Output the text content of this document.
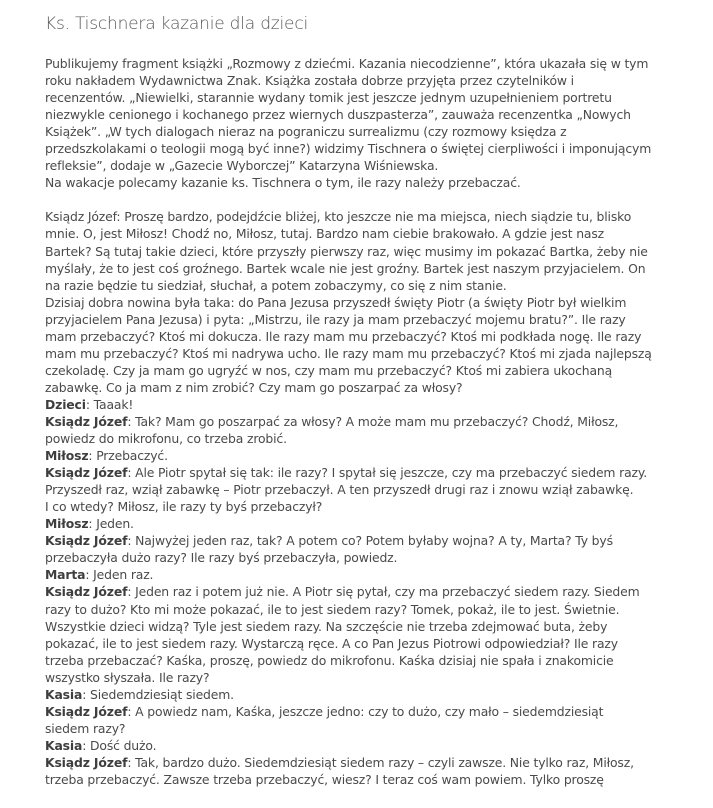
Ks. Tischnera kazanie dla dzieci
Publikujemy fragment książki „Rozmowy z dziećmi. Kazania niecodzienne”, która ukazała się w tym
roku nakładem Wydawnictwa Znak. Książka została dobrze przyjęta przez czytelników i
recenzentów. „Niewielki, starannie wydany tomik jest jeszcze jednym uzupełnieniem portretu
niezwykle cenionego i kochanego przez wiernych duszpasterza”, zauważa recenzentka „Nowych
Książek”. „W tych dialogach nieraz na pograniczu surrealizmu (czy rozmowy księdza z
przedszkolakami o teologii mogą być inne?) widzimy Tischnera o świętej cierpliwości i imponującym
refleksie”, dodaje w „Gazecie Wyborczej” Katarzyna Wiśniewska.
Na wakacje polecamy kazanie ks. Tischnera o tym, ile razy należy przebaczać.
Ksiądz Józef: Proszę bardzo, podejdźcie bliżej, kto jeszcze nie ma miejsca, niech siądzie tu, blisko
mnie. O, jest Miłosz! Chodź no, Miłosz, tutaj. Bardzo nam ciebie brakowało. A gdzie jest nasz
Bartek? Są tutaj takie dzieci, które przyszły pierwszy raz, więc musimy im pokazać Bartka, żeby nie
myślały, że to jest coś groźnego. Bartek wcale nie jest groźny. Bartek jest naszym przyjacielem. On
na razie będzie tu siedział, słuchał, a potem zobaczymy, co się z nim stanie.
Dzisiaj dobra nowina była taka: do Pana Jezusa przyszedł święty Piotr (a święty Piotr był wielkim
przyjacielem Pana Jezusa) i pyta: „Mistrzu, ile razy ja mam przebaczyć mojemu bratu?”. Ile razy
mam przebaczyć? Ktoś mi dokucza. Ile razy mam mu przebaczyć? Ktoś mi podkłada nogę. Ile razy
mam mu przebaczyć? Ktoś mi nadrywa ucho. Ile razy mam mu przebaczyć? Ktoś mi zjada najlepszą
czekoladę. Czy ja mam go ugryźć w nos, czy mam mu przebaczyć? Ktoś mi zabiera ukochaną
zabawkę. Co ja mam z nim zrobić? Czy mam go poszarpać za włosy?
Dzieci: Taaak!
Ksiądz Józef: Tak? Mam go poszarpać za włosy? A może mam mu przebaczyć? Chodź, Miłosz,
powiedz do mikrofonu, co trzeba zrobić.
Miłosz: Przebaczyć.
Ksiądz Józef: Ale Piotr spytał się tak: ile razy? I spytał się jeszcze, czy ma przebaczyć siedem razy.
Przyszedł raz, wziął zabawkę – Piotr przebaczył. A ten przyszedł drugi raz i znowu wziął zabawkę.
I co wtedy? Miłosz, ile razy ty byś przebaczył?
Miłosz: Jeden.
Ksiądz Józef: Najwyżej jeden raz, tak? A potem co? Potem byłaby wojna? A ty, Marta? Ty byś
przebaczyła dużo razy? Ile razy byś przebaczyła, powiedz.
Marta: Jeden raz.
Ksiądz Józef: Jeden raz i potem już nie. A Piotr się pytał, czy ma przebaczyć siedem razy. Siedem
razy to dużo? Kto mi może pokazać, ile to jest siedem razy? Tomek, pokaż, ile to jest. Świetnie.
Wszystkie dzieci widzą? Tyle jest siedem razy. Na szczęście nie trzeba zdejmować buta, żeby
pokazać, ile to jest siedem razy. Wystarczą ręce. A co Pan Jezus Piotrowi odpowiedział? Ile razy
trzeba przebaczać? Kaśka, proszę, powiedz do mikrofonu. Kaśka dzisiaj nie spała i znakomicie
wszystko słyszała. Ile razy?
Kasia: Siedemdziesiąt siedem.
Ksiądz Józef: A powiedz nam, Kaśka, jeszcze jedno: czy to dużo, czy mało – siedemdziesiąt
siedem razy?
Kasia: Dość dużo.
Ksiądz Józef: Tak, bardzo dużo. Siedemdziesiąt siedem razy – czyli zawsze. Nie tylko raz, Miłosz,
trzeba przebaczyć. Zawsze trzeba przebaczyć, wiesz? I teraz coś wam powiem. Tylko proszę
